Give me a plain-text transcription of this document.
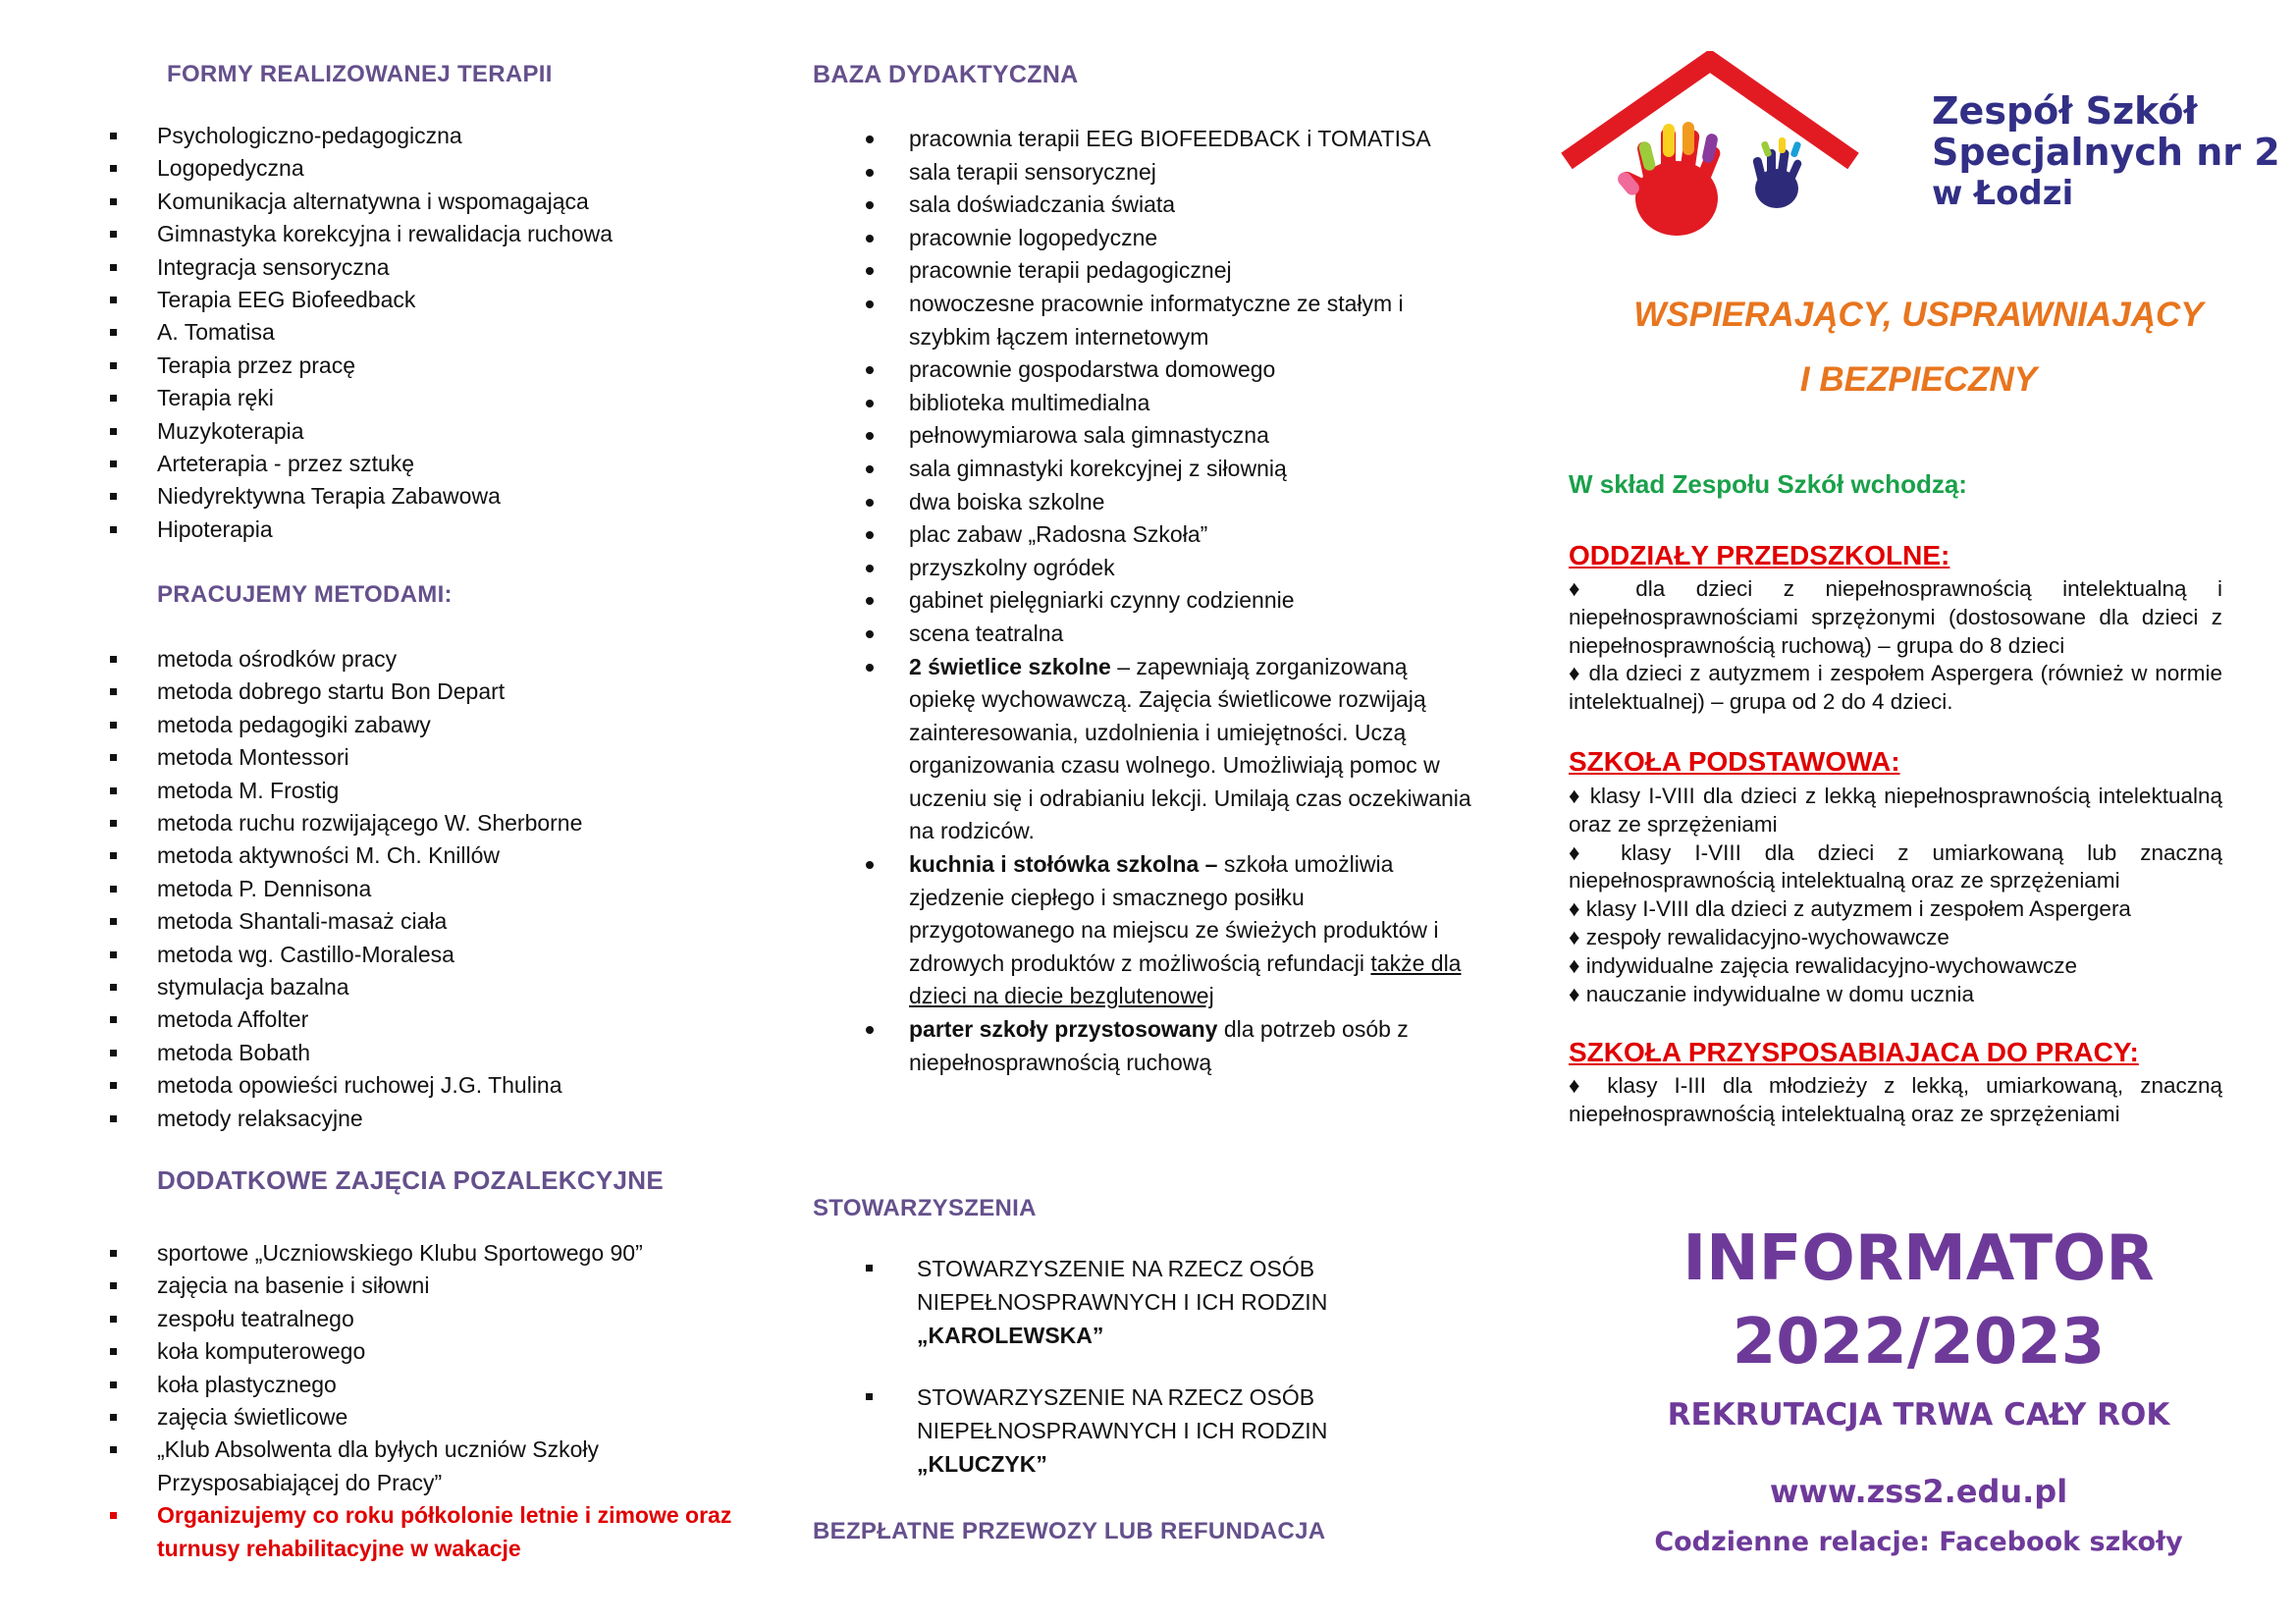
FORMY REALIZOWANEJ TERAPII
Psychologiczno-pedagogiczna
Logopedyczna
Komunikacja alternatywna i wspomagająca
Gimnastyka korekcyjna i rewalidacja ruchowa
Integracja sensoryczna
Terapia EEG Biofeedback
A. Tomatisa
Terapia przez pracę
Terapia ręki
Muzykoterapia
Arteterapia - przez sztukę
Niedyrektywna Terapia Zabawowa
Hipoterapia
PRACUJEMY METODAMI:
metoda ośrodków pracy
metoda dobrego startu Bon Depart
metoda pedagogiki zabawy
metoda Montessori
metoda M. Frostig
metoda ruchu rozwijającego W. Sherborne
metoda aktywności M. Ch. Knillów
metoda P. Dennisona
metoda Shantali-masaż ciała
metoda wg. Castillo-Moralesa
stymulacja bazalna
metoda Affolter
metoda Bobath
metoda opowieści ruchowej J.G. Thulina
metody relaksacyjne
DODATKOWE ZAJĘCIA POZALEKCYJNE
sportowe „Uczniowskiego Klubu Sportowego 90”
zajęcia na basenie i siłowni
zespołu teatralnego
koła komputerowego
koła plastycznego
zajęcia świetlicowe
„Klub Absolwenta dla byłych uczniów Szkoły Przysposabiającej do Pracy”
Organizujemy co roku półkolonie letnie i zimowe oraz turnusy rehabilitacyjne w wakacje
BAZA DYDAKTYCZNA
pracownia terapii EEG BIOFEEDBACK i TOMATISA
sala terapii sensorycznej
sala doświadczania świata
pracownie logopedyczne
pracownie terapii pedagogicznej
nowoczesne pracownie informatyczne ze stałym i szybkim łączem internetowym
pracownie gospodarstwa domowego
biblioteka multimedialna
pełnowymiarowa sala gimnastyczna
sala gimnastyki korekcyjnej z siłownią
dwa boiska szkolne
plac zabaw „Radosna Szkoła”
przyszkolny ogródek
gabinet pielęgniarki czynny codziennie
scena teatralna
2 świetlice szkolne – zapewniają zorganizowaną opiekę wychowawczą. Zajęcia świetlicowe rozwijają zainteresowania, uzdolnienia i umiejętności. Uczą organizowania czasu wolnego. Umożliwiają pomoc w uczeniu się i odrabianiu lekcji. Umilają czas oczekiwania na rodziców.
kuchnia i stołówka szkolna – szkoła umożliwia zjedzenie ciepłego i smacznego posiłku przygotowanego na miejscu ze świeżych produktów i zdrowych produktów z możliwością refundacji także dla dzieci na diecie bezglutenowej
parter szkoły przystosowany dla potrzeb osób z niepełnosprawnością ruchową
STOWARZYSZENIA
STOWARZYSZENIE NA RZECZ OSÓB NIEPEŁNOSPRAWNYCH I ICH RODZIN
„KAROLEWSKA”
STOWARZYSZENIE NA RZECZ OSÓB NIEPEŁNOSPRAWNYCH I ICH RODZIN
„KLUCZYK”
BEZPŁATNE PRZEWOZY LUB REFUNDACJA
Zespół Szkół
Specjalnych nr 2
w Łodzi
WSPIERAJĄCY, USPRAWNIAJĄCY
I BEZPIECZNY
W skład Zespołu Szkół wchodzą:
ODDZIAŁY PRZEDSZKOLNE:

♦ dla dzieci z niepełnosprawnością intelektualną i niepełnosprawnościami sprzężonymi (dostosowane dla dzieci z niepełnosprawnością ruchową) – grupa do 8 dzieci

♦ dla dzieci z autyzmem i zespołem Aspergera (również w normie intelektualnej) – grupa od 2 do 4 dzieci.

SZKOŁA PODSTAWOWA:

♦ klasy I-VIII dla dzieci z lekką niepełnosprawnością intelektualną oraz ze sprzężeniami

♦ klasy I-VIII dla dzieci z umiarkowaną lub znaczną niepełnosprawnością intelektualną oraz ze sprzężeniami

♦ klasy I-VIII dla dzieci z autyzmem i zespołem Aspergera

♦ zespoły rewalidacyjno-wychowawcze

♦ indywidualne zajęcia rewalidacyjno-wychowawcze

♦ nauczanie indywidualne w domu ucznia

SZKOŁA PRZYSPOSABIAJACA DO PRACY:

♦ klasy I-III dla młodzieży z lekką, umiarkowaną, znaczną niepełnosprawnością intelektualną oraz ze sprzężeniami

INFORMATOR
2022/2023
REKRUTACJA TRWA CAŁY ROK
www.zss2.edu.pl
Codzienne relacje: Facebook szkoły
